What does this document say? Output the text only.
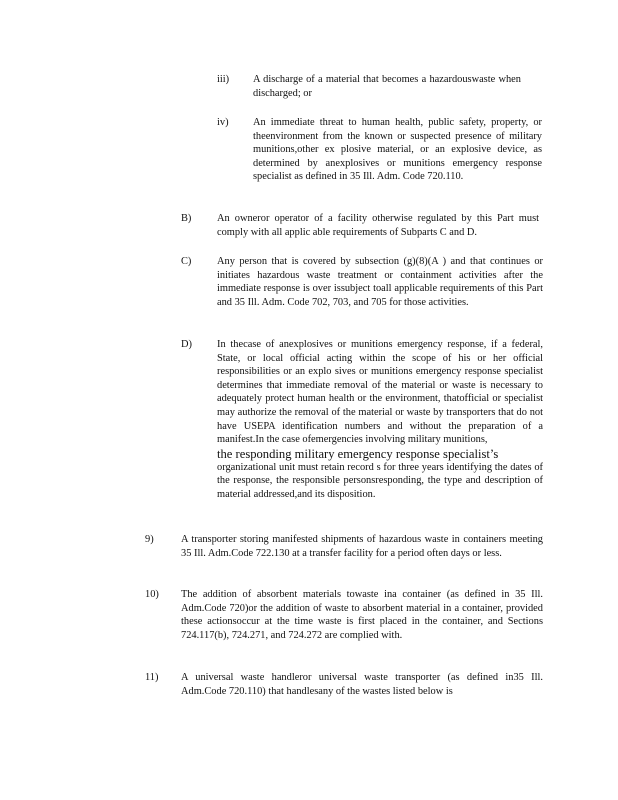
iii) A discharge of a material that becomes a hazardouswaste when discharged; or
iv) An immediate threat to human health, public safety, property, or theenvironment from the known or suspected presence of military munitions,other ex plosive material, or an explosive device, as determined by anexplosives or munitions emergency response specialist as defined in 35 Ill. Adm. Code 720.110.
B) An owneror operator of a facility otherwise regulated by this Part must comply with all applic able requirements of Subparts C and D.
C) Any person that is covered by subsection (g)(8)(A ) and that continues or initiates hazardous waste treatment or containment activities after the immediate response is over issubject toall applicable requirements of this Part and 35 Ill. Adm. Code 702, 703, and 705 for those activities.
D) In thecase of anexplosives or munitions emergency response, if a federal, State, or local official acting within the scope of his or her official responsibilities or an explo sives or munitions emergency response specialist determines that immediate removal of the material or waste is necessary to adequately protect human health or the environment, thatofficial or specialist may authorize the removal of the material or waste by transporters that do not have USEPA identification numbers and without the preparation of a manifest.In the case ofemergencies involving military munitions,
the responding military emergency response specialist’s
organizational unit must retain record s for three years identifying the dates of the response, the responsible personsresponding, the type and description of material addressed,and its disposition.
9)	A transporter storing manifested shipments of hazardous waste in containers meeting 35 Ill. Adm.Code 722.130 at a transfer facility for a period often days or less.
10) The addition of absorbent materials towaste ina container (as defined in 35 Ill. Adm.Code 720)or the addition of waste to absorbent material in a container, provided these actionsoccur at the time waste is first placed in the container, and Sections 724.117(b), 724.271, and 724.272 are complied with.
11) A universal waste handleror universal waste transporter (as defined in35 Ill. Adm.Code 720.110) that handlesany of the wastes listed below is
